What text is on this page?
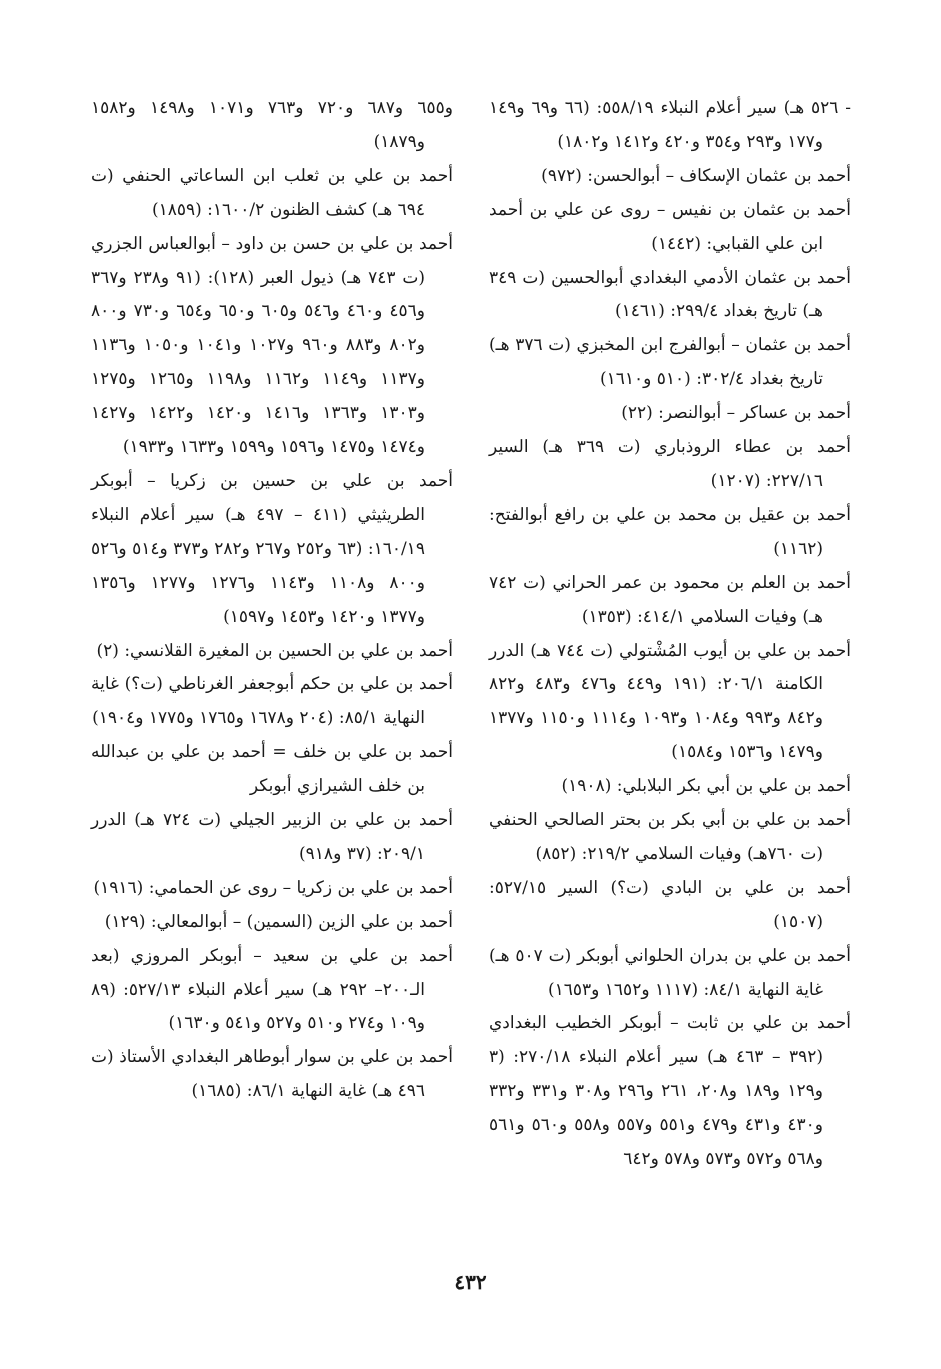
- ٥٢٦ هـ) سير أعلام النبلاء ٥٥٨/١٩: (٦٦ و٦٩ و١٤٩ و١٧٧ و٢٩٣ و٣٥٤ و٤٢٠ و١٤١٢ و١٨٠٢)

أحمد بن عثمان الإسكاف – أبوالحسن: (٩٧٢)

أحمد بن عثمان بن نفيس – روى عن علي بن أحمد ابن علي القبابي: (١٤٤٢)

أحمد بن عثمان الأدمي البغدادي أبوالحسين (ت ٣٤٩ هـ) تاريخ بغداد ٢٩٩/٤: (١٤٦١)

أحمد بن عثمان – أبوالفرج ابن المخبزي (ت ٣٧٦ هـ) تاريخ بغداد ٣٠٢/٤: (٥١٠ و١٦١٠)

أحمد بن عساكر – أبوالنصر: (٢٢)

أحمد بن عطاء الروذباري (ت ٣٦٩ هـ) السير ٢٢٧/١٦: (١٢٠٧)

أحمد بن عقيل بن محمد بن علي بن رافع أبوالفتح: (١١٦٢)

أحمد بن العلم بن محمود بن عمر الحراني (ت ٧٤٢ هـ) وفيات السلامي ٤١٤/١: (١٣٥٣)

أحمد بن علي بن أيوب المُشْتولي (ت ٧٤٤ هـ) الدرر الكامنة ٢٠٦/١: (١٩١ و٤٤٩ و٤٧٦ و٤٨٣ و٨٢٢ و٨٤٢ و٩٩٣ و١٠٨٤ و١٠٩٣ و١١١٤ و١١٥٠ و١٣٧٧ و١٤٧٩ و١٥٣٦ و١٥٨٤)

أحمد بن علي بن أبي بكر البلابلي: (١٩٠٨)

أحمد بن علي بن أبي بكر بن بحتر الصالحي الحنفي (ت ٧٦٠هـ) وفيات السلامي ٢١٩/٢: (٨٥٢)

أحمد بن علي بن البادي (ت؟) السير ٥٢٧/١٥: (١٥٠٧)

أحمد بن علي بن بدران الحلواني أبوبكر (ت ٥٠٧ هـ) غاية النهاية ٨٤/١: (١١١٧ و١٦٥٢ و١٦٥٣)

أحمد بن علي بن ثابت – أبوبكر الخطيب البغدادي (٣٩٢ – ٤٦٣ هـ) سير أعلام النبلاء ٢٧٠/١٨: (٣ و١٢٩ و١٨٩ و٢٠٨، ٢٦١ و٢٩٦ و٣٠٨ و٣٣١ و٣٣٢ و٤٣٠ و٤٣١ و٤٧٩ و٥٥١ و٥٥٧ و٥٥٨ و٥٦٠ و٥٦١ و٥٦٨ و٥٧٢ و٥٧٣ و٥٧٨ و٦٤٢

و٦٥٥ و٦٨٧ و٧٢٠ و٧٦٣ و١٠٧١ و١٤٩٨ و١٥٨٢ و١٨٧٩)

أحمد بن علي بن ثعلب ابن الساعاتي الحنفي (ت ٦٩٤ هـ) كشف الظنون ١٦٠٠/٢: (١٨٥٩)

أحمد بن علي بن حسن بن داود – أبوالعباس الجزري (ت ٧٤٣ هـ) ذيول العبر (١٢٨): (٩١ و٢٣٨ و٣٦٧ و٤٥٦ و٤٦٠ و٥٤٦ و٦٠٥ و٦٥٠ و٦٥٤ و٧٣٠ و٨٠٠ و٨٠٢ و٨٨٣ و٩٦٠ و١٠٢٧ و١٠٤١ و١٠٥٠ و١١٣٦ و١١٣٧ و١١٤٩ و١١٦٢ و١١٩٨ و١٢٦٥ و١٢٧٥ و١٣٠٣ و١٣٦٣ و١٤١٦ و١٤٢٠ و١٤٢٢ و١٤٢٧ و١٤٧٤ و١٤٧٥ و١٥٩٦ و١٥٩٩ و١٦٣٣ و١٩٣٣)

أحمد بن علي بن حسين بن زكريا – أبوبكر الطريثيثي (٤١١ – ٤٩٧ هـ) سير أعلام النبلاء ١٦٠/١٩: (٦٣ و٢٥٢ و٢٦٧ و٢٨٢ و٣٧٣ و٥١٤ و٥٢٦ و٨٠٠ و١١٠٨ و١١٤٣ و١٢٧٦ و١٢٧٧ و١٣٥٦ و١٣٧٧ و١٤٢٠ و١٤٥٣ و١٥٩٧)

أحمد بن علي بن الحسين بن المغيرة القلانسي: (٢)

أحمد بن علي بن حكم أبوجعفر الغرناطي (ت؟) غاية النهاية ٨٥/١: (٢٠٤ و١٦٧٨ و١٧٦٥ و١٧٧٥ و١٩٠٤)

أحمد بن علي بن خلف = أحمد بن علي بن عبدالله بن خلف الشيرازي أبوبكر

أحمد بن علي بن الزبير الجيلي (ت ٧٢٤ هـ) الدرر ٢٠٩/١: (٣٧ و٩١٨)

أحمد بن علي بن زكريا – روى عن الحمامي: (١٩١٦)

أحمد بن علي الزين (السمين) – أبوالمعالي: (١٢٩)

أحمد بن علي بن سعيد – أبوبكر المروزي (بعد الـ٢٠٠– ٢٩٢ هـ) سير أعلام النبلاء ٥٢٧/١٣: (٨٩ و١٠٩ و٢٧٤ و٥١٠ و٥٢٧ و٥٤١ و١٦٣٠)

أحمد بن علي بن سوار أبوطاهر البغدادي الأستاذ (ت ٤٩٦ هـ) غاية النهاية ٨٦/١: (١٦٨٥)

٤٣٢
